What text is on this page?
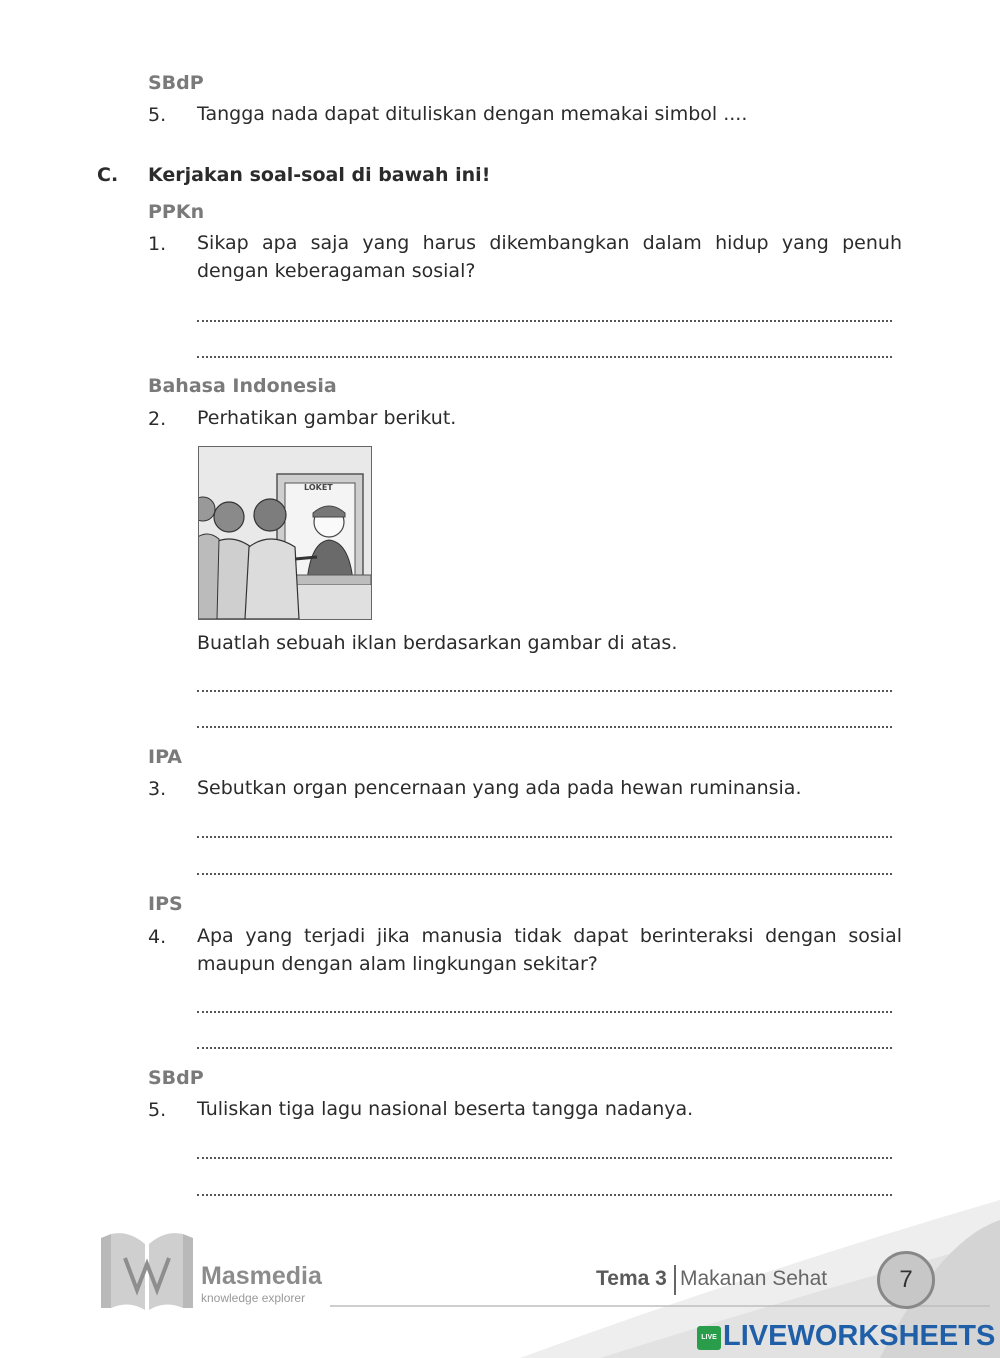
SBdP
5. Tangga nada dapat dituliskan dengan memakai simbol ....
C. Kerjakan soal-soal di bawah ini!
PPKn
1. Sikap apa saja yang harus dikembangkan dalam hidup yang penuh dengan keberagaman sosial?
Bahasa Indonesia
2. Perhatikan gambar berikut.
LOKET
Buatlah sebuah iklan berdasarkan gambar di atas.
IPA
3. Sebutkan organ pencernaan yang ada pada hewan ruminansia.
IPS
4. Apa yang terjadi jika manusia tidak dapat berinteraksi dengan sosial maupun dengan alam lingkungan sekitar?
SBdP
5. Tuliskan tiga lagu nasional beserta tangga nadanya.
Masmedia
knowledge explorer
Tema 3 Makanan Sehat	7
LIVE LIVEWORKSHEETS
